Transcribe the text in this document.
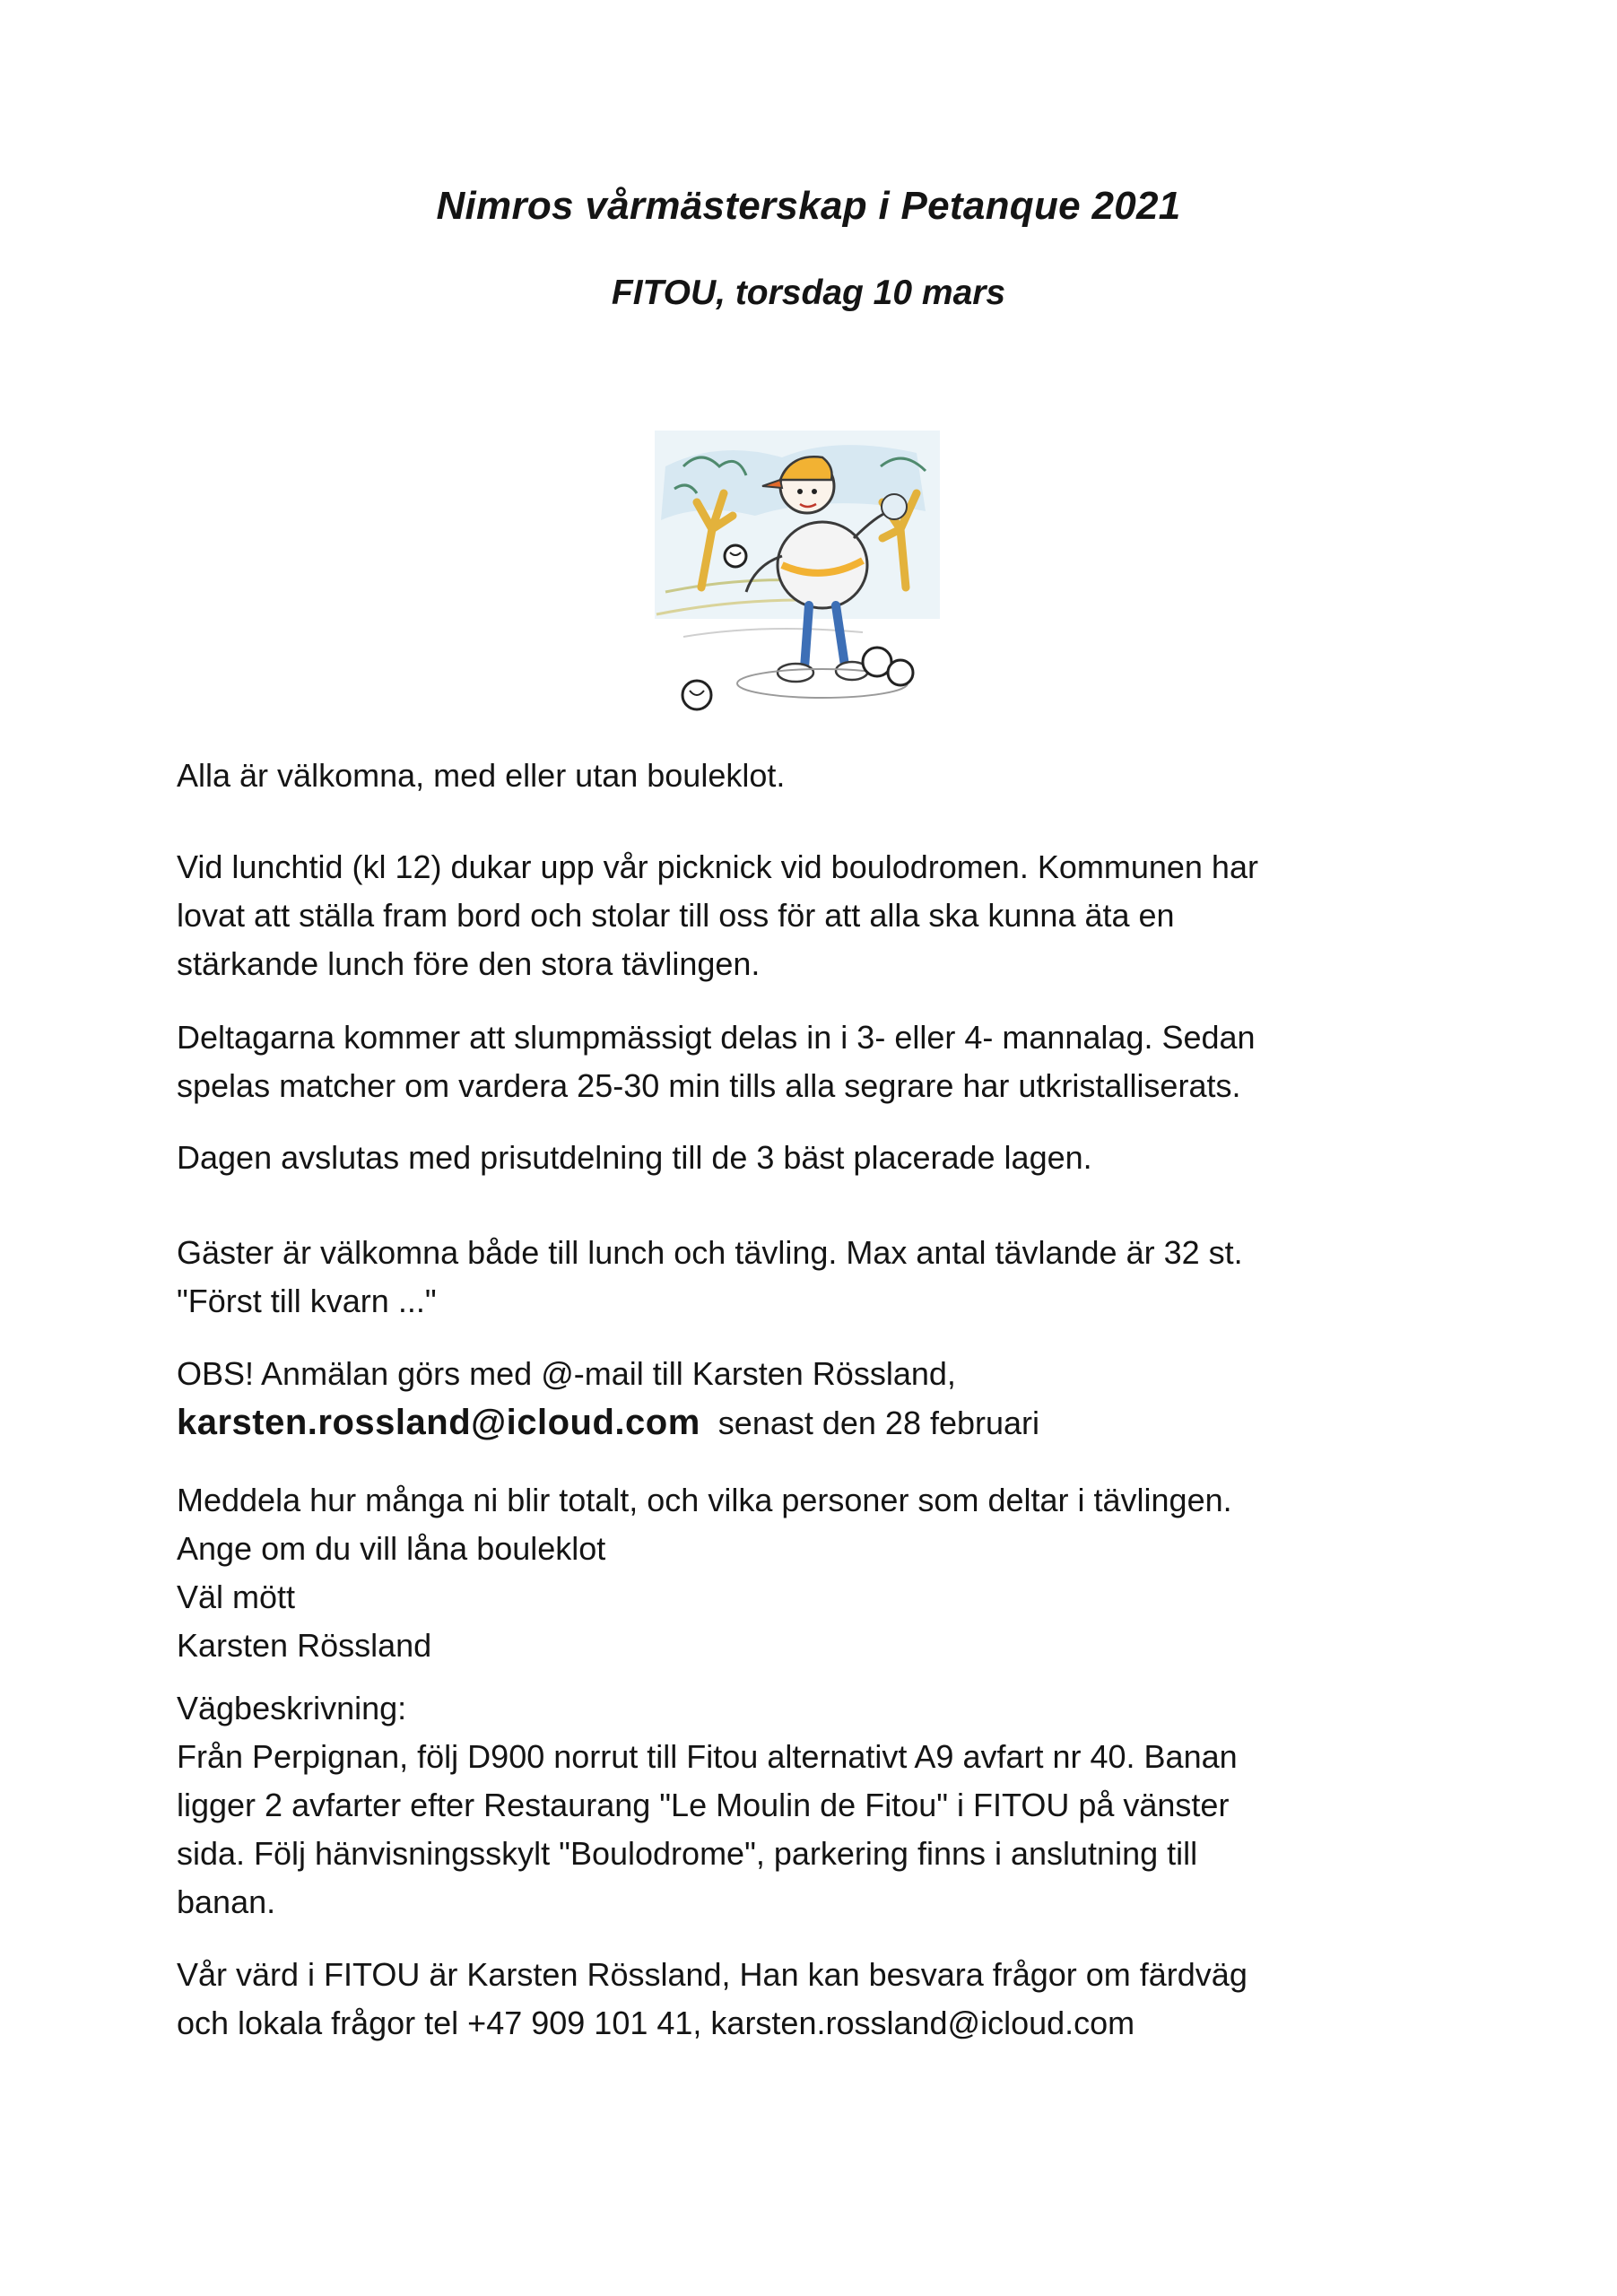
Nimros vårmästerskap i Petanque 2021
FITOU, torsdag 10 mars

Alla är välkomna, med eller utan bouleklot.

Vid lunchtid (kl 12) dukar upp vår picknick vid boulodromen. Kommunen har
lovat att ställa fram bord och stolar till oss för att alla ska kunna äta en
stärkande lunch före den stora tävlingen.

Deltagarna kommer att slumpmässigt delas in i 3- eller 4- mannalag. Sedan
spelas matcher om vardera 25-30 min tills alla segrare har utkristalliserats.

Dagen avslutas med prisutdelning till de 3 bäst placerade lagen.

Gäster är välkomna både till lunch och tävling. Max antal tävlande är 32 st.
"Först till kvarn ..."

OBS! Anmälan görs med @-mail till Karsten Rössland,
karsten.rossland@icloud.com senast den 28 februari

Meddela hur många ni blir totalt, och vilka personer som deltar i tävlingen.
Ange om du vill låna bouleklot
Väl mött
Karsten Rössland

Vägbeskrivning:
Från Perpignan, följ D900 norrut till Fitou alternativt A9 avfart nr 40. Banan
ligger 2 avfarter efter Restaurang "Le Moulin de Fitou" i FITOU på vänster
sida. Följ hänvisningsskylt "Boulodrome", parkering finns i anslutning till
banan.

Vår värd i FITOU är Karsten Rössland, Han kan besvara frågor om färdväg
och lokala frågor tel +47 909 101 41, karsten.rossland@icloud.com
